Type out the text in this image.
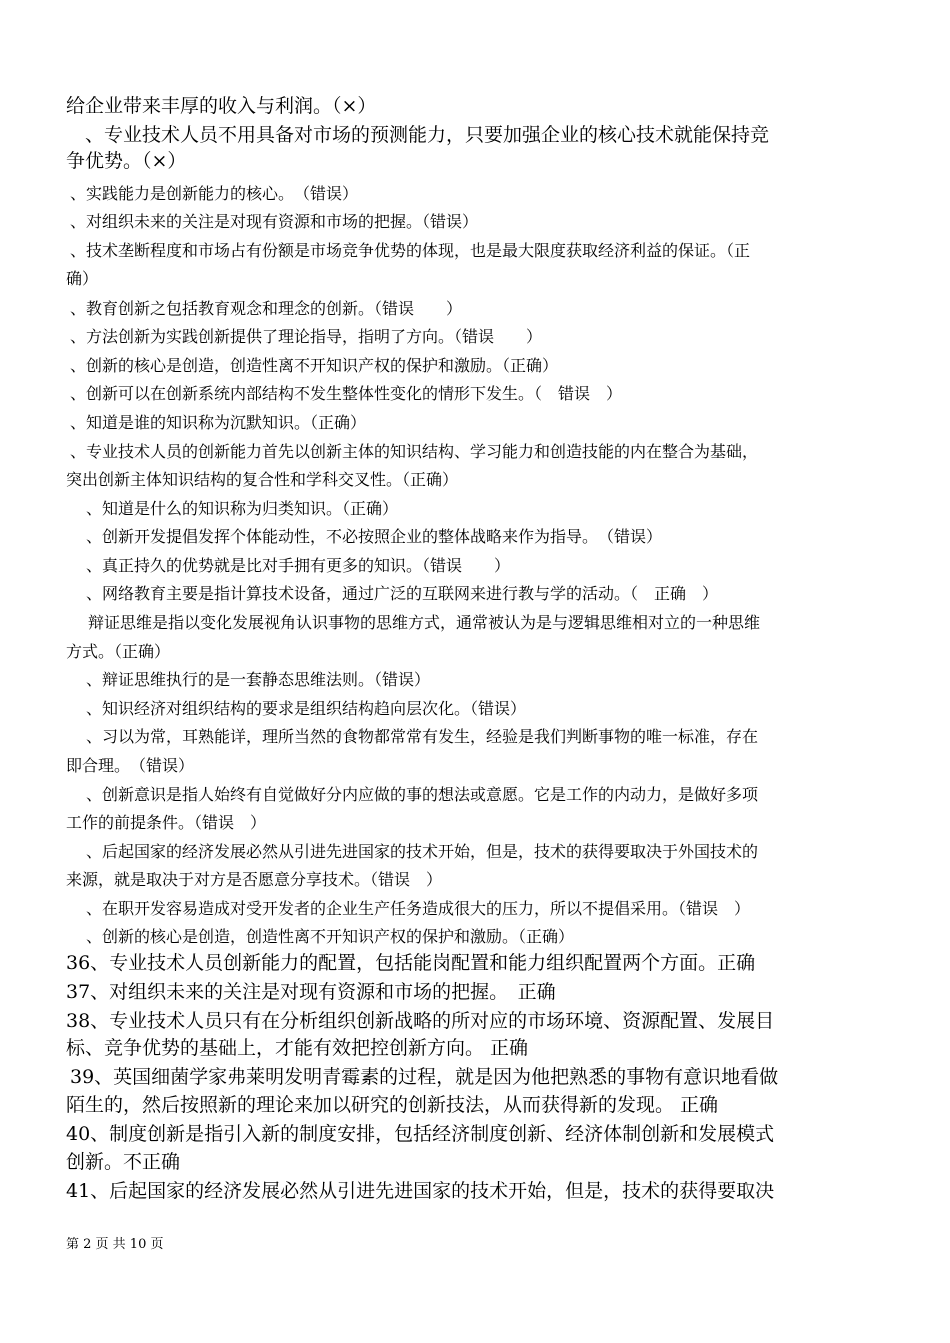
给企业带来丰厚的收入与利润。（×）

　、专业技术人员不用具备对市场的预测能力，只要加强企业的核心技术就能保持竞

争优势。（×）

、实践能力是创新能力的核心。　（错误）

、对组织未来的关注是对现有资源和市场的把握。（错误）

、技术垄断程度和市场占有份额是市场竞争优势的体现，也是最大限度获取经济利益的保证。（正

确）

、教育创新之包括教育观念和理念的创新。（错误　　）

、方法创新为实践创新提供了理论指导，指明了方向。（错误　　）

、创新的核心是创造，创造性离不开知识产权的保护和激励。（正确）

、创新可以在创新系统内部结构不发生整体性变化的情形下发生。（　错误　）

、知道是谁的知识称为沉默知识。（正确）

、专业技术人员的创新能力首先以创新主体的知识结构、学习能力和创造技能的内在整合为基础，

突出创新主体知识结构的复合性和学科交叉性。（正确）

、知道是什么的知识称为归类知识。（正确）

、创新开发提倡发挥个体能动性，不必按照企业的整体战略来作为指导。　（错误）

、真正持久的优势就是比对手拥有更多的知识。（错误　　）

、网络教育主要是指计算技术设备，通过广泛的互联网来进行教与学的活动。（　正确　）

辩证思维是指以变化发展视角认识事物的思维方式，通常被认为是与逻辑思维相对立的一种思维

方式。（正确）

、辩证思维执行的是一套静态思维法则。（错误）

、知识经济对组织结构的要求是组织结构趋向层次化。（错误）

、习以为常，耳熟能详，理所当然的食物都常常有发生，经验是我们判断事物的唯一标准，存在

即合理。　（错误）

、创新意识是指人始终有自觉做好分内应做的事的想法或意愿。它是工作的内动力，是做好多项

工作的前提条件。（错误　）

、后起国家的经济发展必然从引进先进国家的技术开始，但是，技术的获得要取决于外国技术的

来源，就是取决于对方是否愿意分享技术。（错误　）

、在职开发容易造成对受开发者的企业生产任务造成很大的压力，所以不提倡采用。（错误　）

、创新的核心是创造，创造性离不开知识产权的保护和激励。（正确）

36、专业技术人员创新能力的配置，包括能岗配置和能力组织配置两个方面。正确

37、对组织未来的关注是对现有资源和市场的把握。　正确

38、专业技术人员只有在分析组织创新战略的所对应的市场环境、资源配置、发展目

标、竞争优势的基础上，才能有效把控创新方向。 正确

39、英国细菌学家弗莱明发明青霉素的过程，就是因为他把熟悉的事物有意识地看做

陌生的，然后按照新的理论来加以研究的创新技法，从而获得新的发现。 正确

40、制度创新是指引入新的制度安排，包括经济制度创新、经济体制创新和发展模式

创新。不正确

41、后起国家的经济发展必然从引进先进国家的技术开始，但是，技术的获得要取决

第 2 页 共 10 页
